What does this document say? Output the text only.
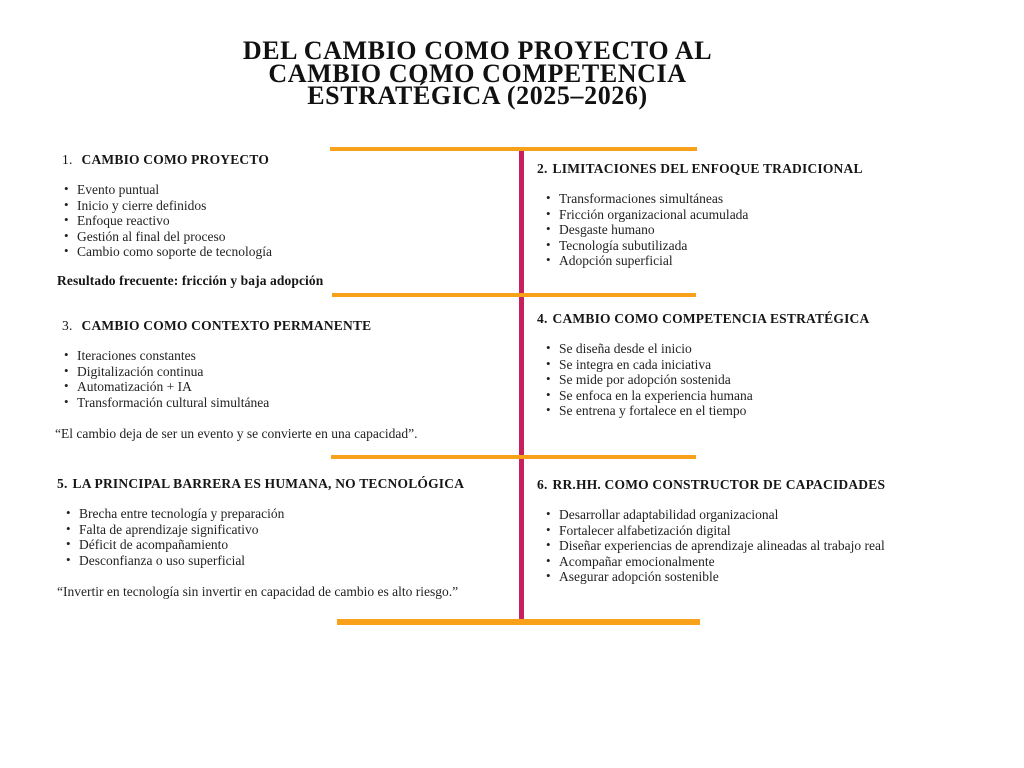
DEL CAMBIO COMO PROYECTO AL
CAMBIO COMO COMPETENCIA
ESTRATÉGICA (2025–2026)
1. CAMBIO COMO PROYECTO
• Evento puntual
• Inicio y cierre definidos
• Enfoque reactivo
• Gestión al final del proceso
• Cambio como soporte de tecnología

Resultado frecuente: fricción y baja adopción

2. LIMITACIONES DEL ENFOQUE TRADICIONAL
• Transformaciones simultáneas
• Fricción organizacional acumulada
• Desgaste humano
• Tecnología subutilizada
• Adopción superficial
3. CAMBIO COMO CONTEXTO PERMANENTE
• Iteraciones constantes
• Digitalización continua
• Automatización + IA
• Transformación cultural simultánea

“El cambio deja de ser un evento y se convierte en una capacidad”.

4. CAMBIO COMO COMPETENCIA ESTRATÉGICA
• Se diseña desde el inicio
• Se integra en cada iniciativa
• Se mide por adopción sostenida
• Se enfoca en la experiencia humana
• Se entrena y fortalece en el tiempo
5. LA PRINCIPAL BARRERA ES HUMANA, NO TECNOLÓGICA
• Brecha entre tecnología y preparación
• Falta de aprendizaje significativo
• Déficit de acompañamiento
• Desconfianza o uso superficial

“Invertir en tecnología sin invertir en capacidad de cambio es alto riesgo.”

6. RR.HH. COMO CONSTRUCTOR DE CAPACIDADES
• Desarrollar adaptabilidad organizacional
• Fortalecer alfabetización digital
• Diseñar experiencias de aprendizaje alineadas al trabajo real
• Acompañar emocionalmente
• Asegurar adopción sostenible
